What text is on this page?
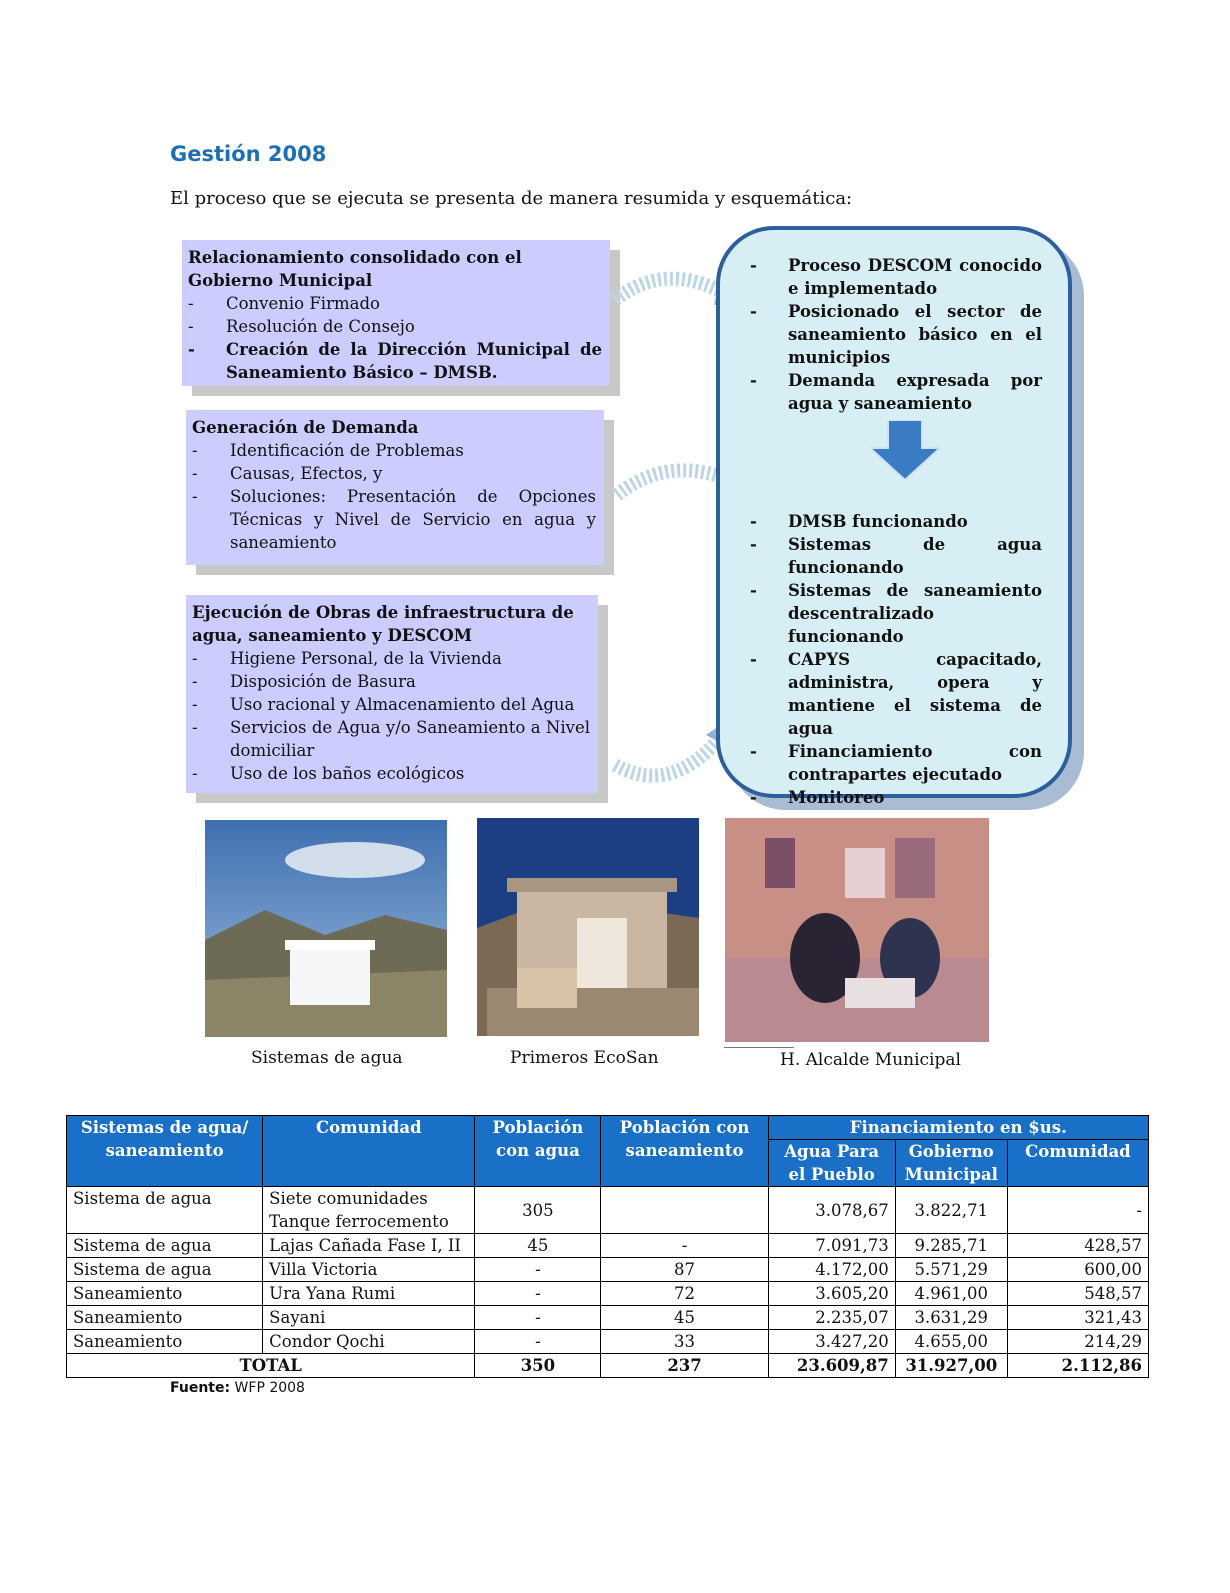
Gestión 2008
El proceso que se ejecuta se presenta de manera resumida y esquemática:
Relacionamiento consolidado con el Gobierno Municipal
- Convenio Firmado
- Resolución de Consejo
- Creación de la Dirección Municipal de Saneamiento Básico – DMSB.
Generación de Demanda
- Identificación de Problemas
- Causas, Efectos, y
- Soluciones: Presentación de Opciones Técnicas y Nivel de Servicio en agua y saneamiento
Ejecución de Obras de infraestructura de agua, saneamiento y DESCOM
- Higiene Personal, de la Vivienda
- Disposición de Basura
- Uso racional y Almacenamiento del Agua
- Servicios de Agua y/o Saneamiento a Nivel domiciliar
- Uso de los baños ecológicos
- Proceso DESCOM conocido e implementado
- Posicionado el sector de saneamiento básico en el municipios
- Demanda expresada por agua y saneamiento
- DMSB funcionando
- Sistemas de agua funcionando
- Sistemas de saneamiento descentralizado funcionando
- CAPYS capacitado, administra, opera y mantiene el sistema de agua
- Financiamiento con contrapartes ejecutado
- Monitoreo
Sistemas de agua	Primeros EcoSan	H. Alcalde Municipal
Sistemas de agua/ saneamiento	Comunidad	Población con agua	Población con saneamiento	Financiamiento en $us.		
				Agua Para el Pueblo	Gobierno Municipal	Comunidad
Sistema de agua	Siete comunidades Tanque ferrocemento	305		3.078,67	3.822,71	-
Sistema de agua	Lajas Cañada Fase I, II	45	-	7.091,73	9.285,71	428,57
Sistema de agua	Villa Victoria	-	87	4.172,00	5.571,29	600,00
Saneamiento	Ura Yana Rumi	-	72	3.605,20	4.961,00	548,57
Saneamiento	Sayani	-	45	2.235,07	3.631,29	321,43
Saneamiento	Condor Qochi	-	33	3.427,20	4.655,00	214,29
TOTAL		350	237	23.609,87	31.927,00	2.112,86
Fuente: WFP 2008
